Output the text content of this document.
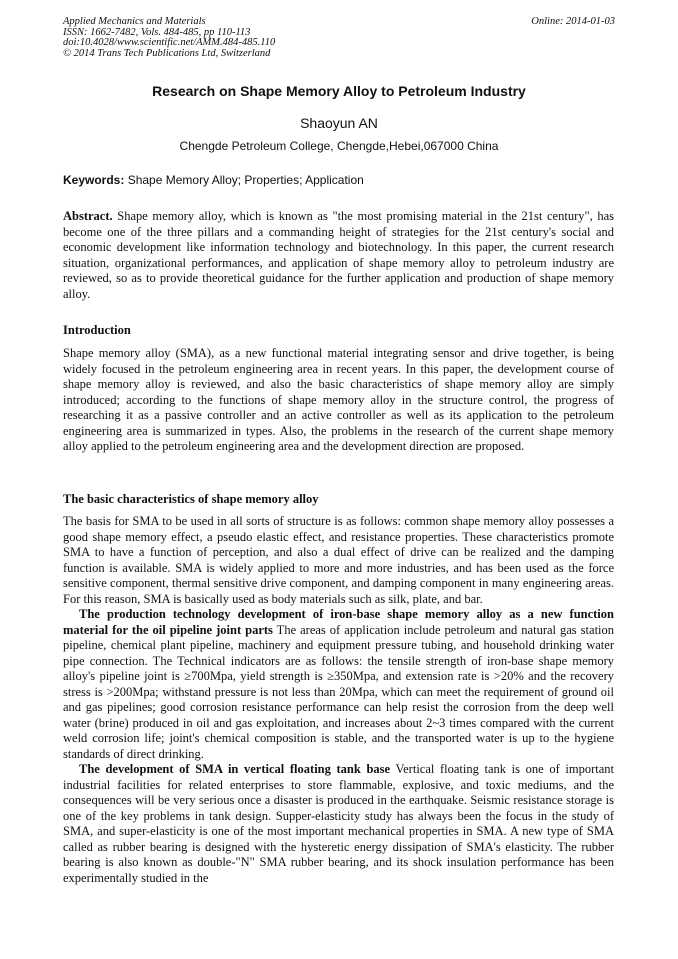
Applied Mechanics and Materials
ISSN: 1662-7482, Vols. 484-485, pp 110-113
doi:10.4028/www.scientific.net/AMM.484-485.110
© 2014 Trans Tech Publications Ltd, Switzerland
Online: 2014-01-03
Research on Shape Memory Alloy to Petroleum Industry
Shaoyun AN
Chengde Petroleum College, Chengde,Hebei,067000 China
Keywords: Shape Memory Alloy; Properties; Application

Abstract. Shape memory alloy, which is known as "the most promising material in the 21st century", has become one of the three pillars and a commanding height of strategies for the 21st century's social and economic development like information technology and biotechnology. In this paper, the current research situation, organizational performances, and application of shape memory alloy to petroleum industry are reviewed, so as to provide theoretical guidance for the further application and production of shape memory alloy.

Introduction

Shape memory alloy (SMA), as a new functional material integrating sensor and drive together, is being widely focused in the petroleum engineering area in recent years. In this paper, the development course of shape memory alloy is reviewed, and also the basic characteristics of shape memory alloy are simply introduced; according to the functions of shape memory alloy in the structure control, the progress of researching it as a passive controller and an active controller as well as its application to the petroleum engineering area is summarized in types. Also, the problems in the research of the current shape memory alloy applied to the petroleum engineering area and the development direction are proposed.

The basic characteristics of shape memory alloy

The basis for SMA to be used in all sorts of structure is as follows: common shape memory alloy possesses a good shape memory effect, a pseudo elastic effect, and resistance properties. These characteristics promote SMA to have a function of perception, and also a dual effect of drive can be realized and the damping function is available. SMA is widely applied to more and more industries, and has been used as the force sensitive component, thermal sensitive drive component, and damping component in many engineering areas. For this reason, SMA is basically used as body materials such as silk, plate, and bar.

The production technology development of iron-base shape memory alloy as a new function material for the oil pipeline joint parts The areas of application include petroleum and natural gas station pipeline, chemical plant pipeline, machinery and equipment pressure tubing, and household drinking water pipe connection. The Technical indicators are as follows: the tensile strength of iron-base shape memory alloy's pipeline joint is ≥700Mpa, yield strength is ≥350Mpa, and extension rate is >20% and the recovery stress is >200Mpa; withstand pressure is not less than 20Mpa, which can meet the requirement of ground oil and gas pipelines; good corrosion resistance performance can help resist the corrosion from the deep well water (brine) produced in oil and gas exploitation, and increases about 2~3 times compared with the current weld corrosion life; joint's chemical composition is stable, and the transported water is up to the hygiene standards of direct drinking.

The development of SMA in vertical floating tank base Vertical floating tank is one of important industrial facilities for related enterprises to store flammable, explosive, and toxic mediums, and the consequences will be very serious once a disaster is produced in the earthquake. Seismic resistance storage is one of the key problems in tank design. Supper-elasticity study has always been the focus in the study of SMA, and super-elasticity is one of the most important mechanical properties in SMA. A new type of SMA called as rubber bearing is designed with the hysteretic energy dissipation of SMA's elasticity. The rubber bearing is also known as double-"N" SMA rubber bearing, and its shock insulation performance has been experimentally studied in the
